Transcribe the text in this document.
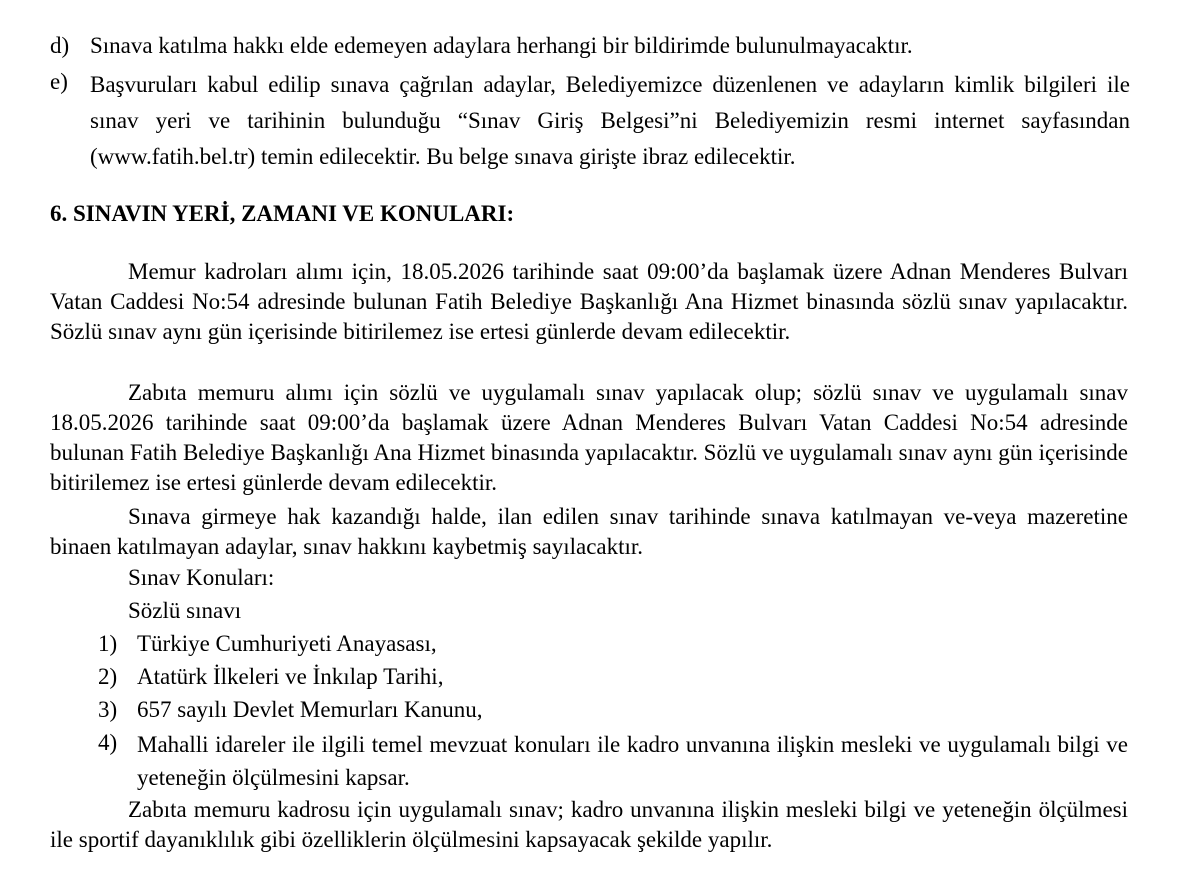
d) Sınava katılma hakkı elde edemeyen adaylara herhangi bir bildirimde bulunulmayacaktır.
e) Başvuruları kabul edilip sınava çağrılan adaylar, Belediyemizce düzenlenen ve adayların kimlik bilgileri ile sınav yeri ve tarihinin bulunduğu “Sınav Giriş Belgesi”ni Belediyemizin resmi internet sayfasından (www.fatih.bel.tr) temin edilecektir. Bu belge sınava girişte ibraz edilecektir.
6. SINAVIN YERİ, ZAMANI VE KONULARI:
Memur kadroları alımı için, 18.05.2026 tarihinde saat 09:00’da başlamak üzere Adnan Menderes Bulvarı Vatan Caddesi No:54 adresinde bulunan Fatih Belediye Başkanlığı Ana Hizmet binasında sözlü sınav yapılacaktır. Sözlü sınav aynı gün içerisinde bitirilemez ise ertesi günlerde devam edilecektir.
Zabıta memuru alımı için sözlü ve uygulamalı sınav yapılacak olup; sözlü sınav ve uygulamalı sınav 18.05.2026 tarihinde saat 09:00’da başlamak üzere Adnan Menderes Bulvarı Vatan Caddesi No:54 adresinde bulunan Fatih Belediye Başkanlığı Ana Hizmet binasında yapılacaktır. Sözlü ve uygulamalı sınav aynı gün içerisinde bitirilemez ise ertesi günlerde devam edilecektir.
Sınava girmeye hak kazandığı halde, ilan edilen sınav tarihinde sınava katılmayan ve-veya mazeretine binaen katılmayan adaylar, sınav hakkını kaybetmiş sayılacaktır.
Sınav Konuları:
Sözlü sınavı
1) Türkiye Cumhuriyeti Anayasası,
2) Atatürk İlkeleri ve İnkılap Tarihi,
3) 657 sayılı Devlet Memurları Kanunu,
4) Mahalli idareler ile ilgili temel mevzuat konuları ile kadro unvanına ilişkin mesleki ve uygulamalı bilgi ve yeteneğin ölçülmesini kapsar.
Zabıta memuru kadrosu için uygulamalı sınav; kadro unvanına ilişkin mesleki bilgi ve yeteneğin ölçülmesi ile sportif dayanıklılık gibi özelliklerin ölçülmesini kapsayacak şekilde yapılır.
